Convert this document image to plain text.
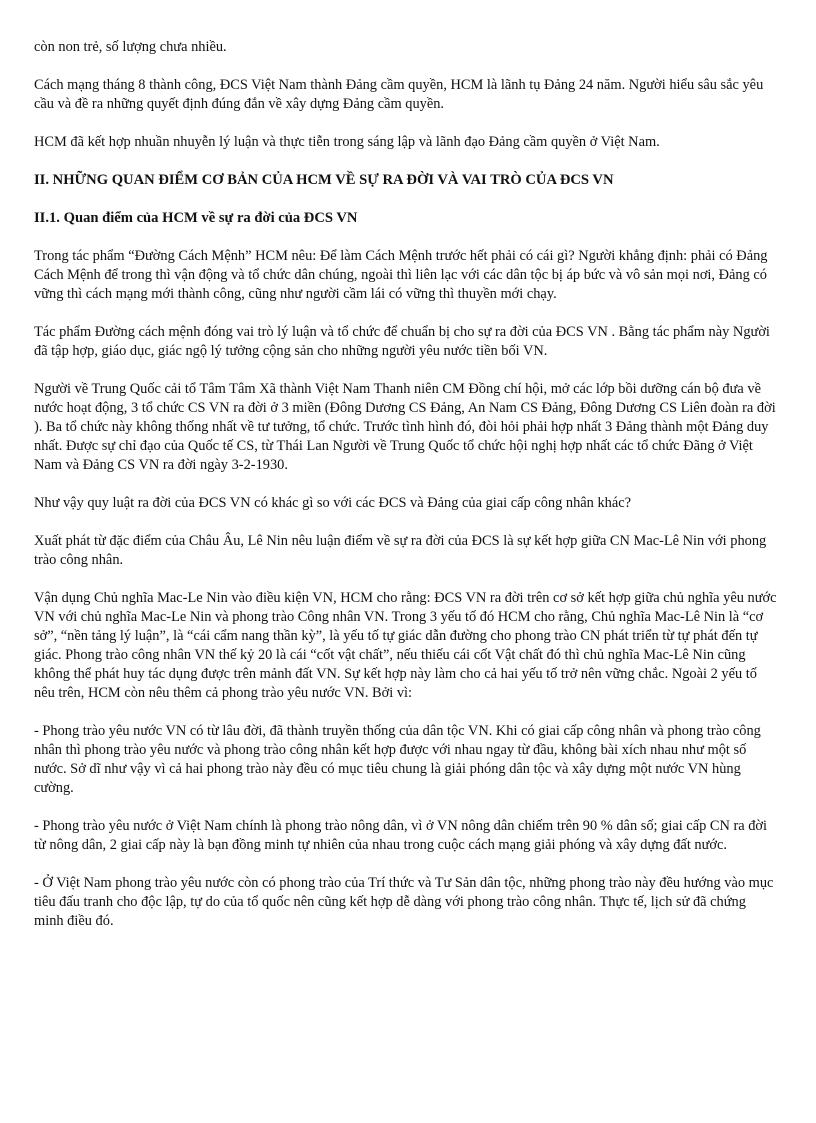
còn non trẻ, số lượng chưa nhiều.

Cách mạng tháng 8 thành công, ĐCS Việt Nam thành Đảng cầm quyền, HCM là lãnh tụ Đảng 24 năm. Người hiểu sâu sắc yêu cầu và đề ra những quyết định đúng đắn về xây dựng Đảng cầm quyền.

HCM đã kết hợp nhuần nhuyễn lý luận và thực tiễn trong sáng lập và lãnh đạo Đảng cầm quyền ở Việt Nam.

II. NHỮNG QUAN ĐIỂM CƠ BẢN CỦA HCM VỀ SỰ RA ĐỜI VÀ VAI TRÒ CỦA ĐCS VN

II.1. Quan điểm của HCM về sự ra đời của ĐCS VN

Trong tác phẩm “Đường Cách Mệnh” HCM nêu: Để làm Cách Mệnh trước hết phải có cái gì? Người khẳng định: phải có Đảng Cách Mệnh để trong thì vận động và tổ chức dân chúng, ngoài thì liên lạc với các dân tộc bị áp bức và vô sản mọi nơi, Đảng có vững thì cách mạng mới thành công, cũng như người cầm lái có vững thì thuyền mới chạy.

Tác phẩm Đường cách mệnh đóng vai trò lý luận và tổ chức để chuẩn bị cho sự ra đời của ĐCS VN . Bằng tác phẩm này Người đã tập hợp, giáo dục, giác ngộ lý tưởng cộng sản cho những người yêu nước tiền bối VN.

Người về Trung Quốc cải tổ Tâm Tâm Xã thành Việt Nam Thanh niên CM Đồng chí hội, mở các lớp bồi dưỡng cán bộ đưa về nước hoạt động, 3 tổ chức CS VN ra đời ở 3 miền (Đông Dương CS Đảng, An Nam CS Đảng, Đông Dương CS Liên đoàn ra đời ). Ba tổ chức này không thống nhất về tư tưởng, tổ chức. Trước tình hình đó, đòi hỏi phải hợp nhất 3 Đảng thành một Đảng duy nhất. Được sự chỉ đạo của Quốc tế CS, từ Thái Lan Người về Trung Quốc tổ chức hội nghị hợp nhất các tổ chức Đãng ở Việt Nam và Đảng CS VN ra đời ngày 3-2-1930.

Như vậy quy luật ra đời của ĐCS VN có khác gì so với các ĐCS và Đảng của giai cấp công nhân khác?

Xuất phát từ đặc điểm của Châu Âu, Lê Nin nêu luận điểm về sự ra đời của ĐCS là sự kết hợp giữa CN Mac-Lê Nin với phong trào công nhân.

Vận dụng Chủ nghĩa Mac-Le Nin vào điều kiện VN, HCM cho rằng: ĐCS VN ra đời trên cơ sở kết hợp giữa chủ nghĩa yêu nước VN với chủ nghĩa Mac-Le Nin và phong trào Công nhân VN. Trong 3 yếu tố đó HCM cho rằng, Chủ nghĩa Mac-Lê Nin là “cơ sở”, “nền tảng lý luận”, là “cái cẩm nang thần kỳ”, là yếu tố tự giác dẫn đường cho phong trào CN phát triển từ tự phát đến tự giác. Phong trào công nhân VN thế kỷ 20 là cái “cốt vật chất”, nếu thiếu cái cốt Vật chất đó thì chủ nghĩa Mac-Lê Nin cũng không thể phát huy tác dụng được trên mảnh đất VN. Sự kết hợp này làm cho cả hai yếu tố trở nên vững chắc. Ngoài 2 yếu tố nêu trên, HCM còn nêu thêm cả phong trào yêu nước VN. Bởi vì:

- Phong trào yêu nước VN có từ lâu đời, đã thành truyền thống của dân tộc VN. Khi có giai cấp công nhân và phong trào công nhân thì phong trào yêu nước và phong trào công nhân kết hợp được với nhau ngay từ đầu, không bài xích nhau như một số nước. Sở dĩ như vậy vì cả hai phong trào này đều có mục tiêu chung là giải phóng dân tộc và xây dựng một nước VN hùng cường.

- Phong trào yêu nước ở Việt Nam chính là phong trào nông dân, vì ở VN nông dân chiếm trên 90 % dân số; giai cấp CN ra đời từ nông dân, 2 giai cấp này là bạn đồng minh tự nhiên của nhau trong cuộc cách mạng giải phóng và xây dựng đất nước.

- Ở Việt Nam phong trào yêu nước còn có phong trào của Trí thức và Tư Sản dân tộc, những phong trào này đều hướng vào mục tiêu đấu tranh cho độc lập, tự do của tổ quốc nên cũng kết hợp dễ dàng với phong trào công nhân. Thực tế, lịch sử đã chứng minh điều đó.
